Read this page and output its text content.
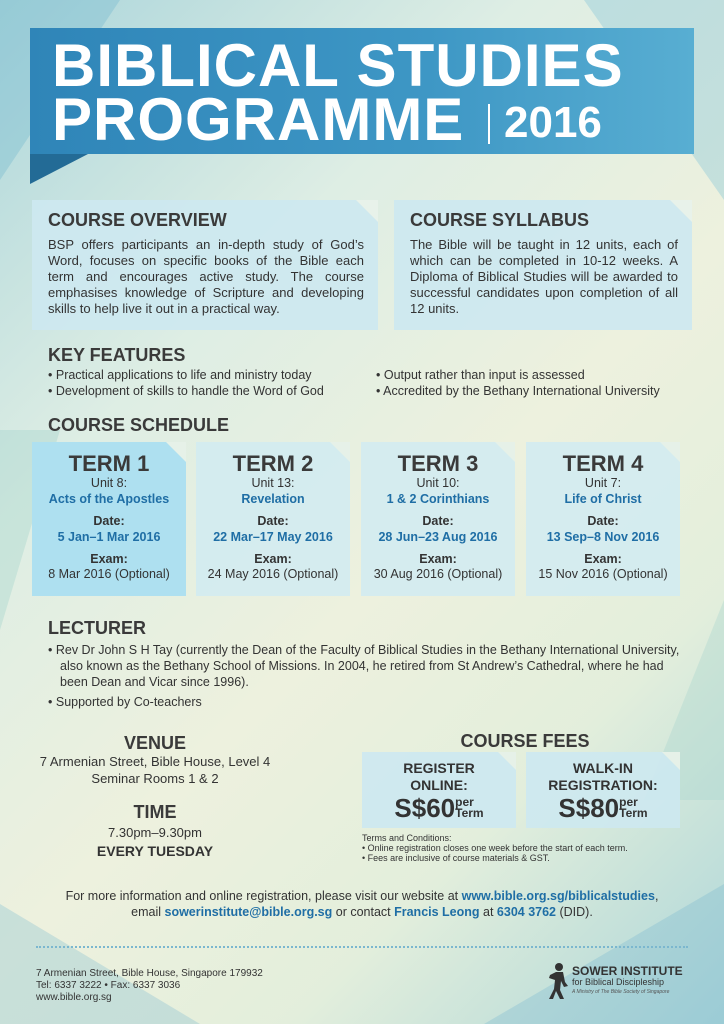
BIBLICAL STUDIES
PROGRAMME 2016
COURSE OVERVIEW

BSP offers participants an in-depth study of God’s Word, focuses on specific books of the Bible each term and encourages active study. The course emphasises knowledge of Scripture and developing skills to help live it out in a practical way.

COURSE SYLLABUS

The Bible will be taught in 12 units, each of which can be completed in 10-12 weeks. A Diploma of Biblical Studies will be awarded to successful candidates upon completion of all 12 units.

KEY FEATURES
• Practical applications to life and ministry today
• Development of skills to handle the Word of God
• Output rather than input is assessed
• Accredited by the Bethany International University
COURSE SCHEDULE
TERM 1
Unit 8:
Acts of the Apostles
Date:
5 Jan–1 Mar 2016
Exam:
8 Mar 2016 (Optional)
TERM 2
Unit 13:
Revelation
Date:
22 Mar–17 May 2016
Exam:
24 May 2016 (Optional)
TERM 3
Unit 10:
1 & 2 Corinthians
Date:
28 Jun–23 Aug 2016
Exam:
30 Aug 2016 (Optional)
TERM 4
Unit 7:
Life of Christ
Date:
13 Sep–8 Nov 2016
Exam:
15 Nov 2016 (Optional)
LECTURER
• Rev Dr John S H Tay (currently the Dean of the Faculty of Biblical Studies in the Bethany International University, also known as the Bethany School of Missions. In 2004, he retired from St Andrew’s Cathedral, where he had been Dean and Vicar since 1996).
• Supported by Co-teachers
VENUE
7 Armenian Street, Bible House, Level 4
Seminar Rooms 1 & 2
TIME
7.30pm–9.30pm
EVERY TUESDAY
COURSE FEES
REGISTER
ONLINE:
S$60per
Term
WALK-IN
REGISTRATION:
S$80per
Term
Terms and Conditions:
• Online registration closes one week before the start of each term.
• Fees are inclusive of course materials & GST.
For more information and online registration, please visit our website at www.bible.org.sg/biblicalstudies,
email sowerinstitute@bible.org.sg or contact Francis Leong at 6304 3762 (DID).
7 Armenian Street, Bible House, Singapore 179932
Tel: 6337 3222 • Fax: 6337 3036
www.bible.org.sg
SOWER INSTITUTE
for Biblical Discipleship
A Ministry of The Bible Society of Singapore
